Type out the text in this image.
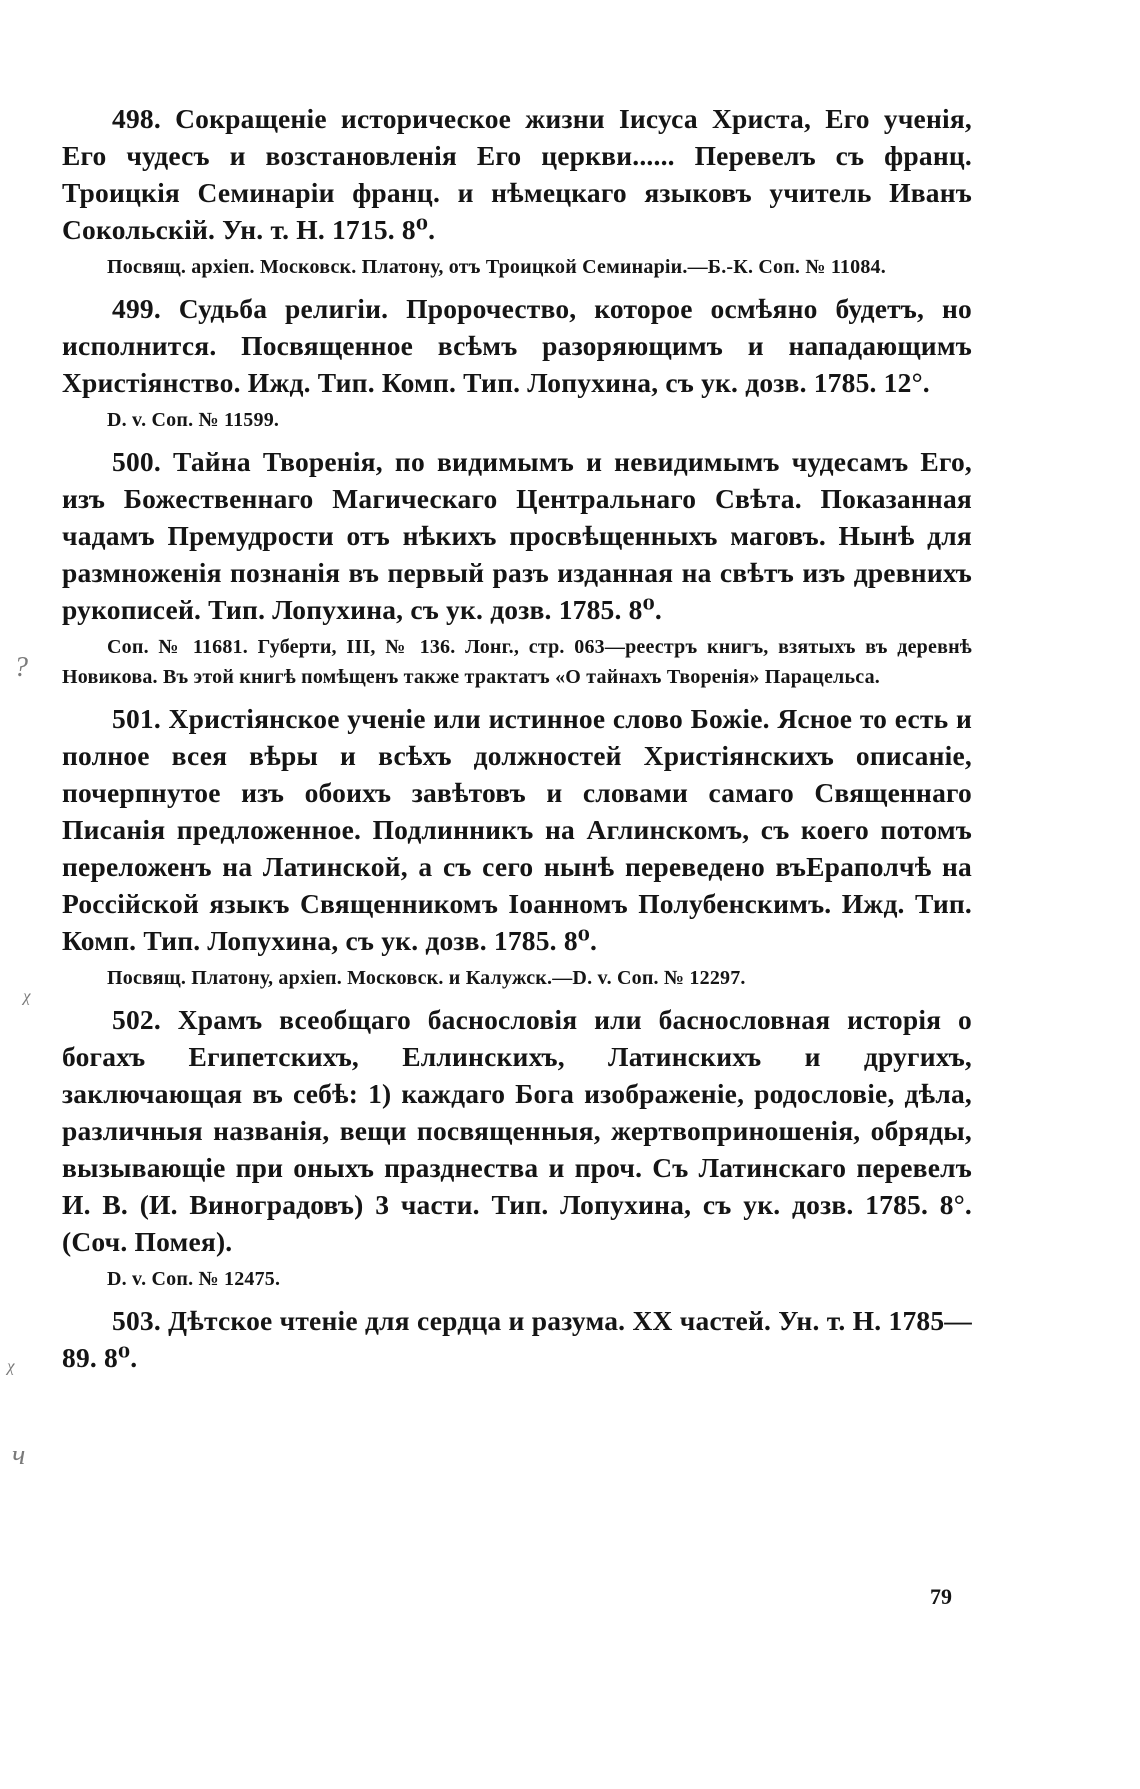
498. Сокращеніе историческое жизни Іисуса Христа, Его ученія, Его чудесъ и возстановленія Его церкви...... Перевелъ съ франц. Троицкія Семинаріи франц. и нѣмецкаго языковъ учитель Иванъ Сокольскій. Ун. т. Н. 1715. 8⁰.

Посвящ. архіеп. Московск. Платону, отъ Троицкой Семинаріи.—Б.-К. Соп. № 11084.

499. Судьба религіи. Пророчество, которое осмѣяно будетъ, но исполнится. Посвященное всѣмъ разоряющимъ и нападающимъ Христіянство. Ижд. Тип. Комп. Тип. Лопухина, съ ук. дозв. 1785. 12°.

D. v. Соп. № 11599.

500. Тайна Творенія, по видимымъ и невидимымъ чудесамъ Его, изъ Божественнаго Магическаго Центральнаго Свѣта. Показанная чадамъ Премудрости отъ нѣкихъ просвѣщенныхъ маговъ. Нынѣ для размноженія познанія въ первый разъ изданная на свѣтъ изъ древнихъ рукописей. Тип. Лопухина, съ ук. дозв. 1785. 8⁰.

Соп. № 11681. Губерти, III, № 136. Лонг., стр. 063—реестръ книгъ, взятыхъ въ деревнѣ Новикова. Въ этой книгѣ помѣщенъ также трактатъ «О тайнахъ Творенія» Парацельса.

501. Христіянское ученіе или истинное слово Божіе. Ясное то есть и полное всея вѣры и всѣхъ должностей Христіянскихъ описаніе, почерпнутое изъ обоихъ завѣтовъ и словами самаго Священнаго Писанія предложенное. Подлинникъ на Аглинскомъ, съ коего потомъ переложенъ на Латинской, а съ сего нынѣ переведено въЕраполчѣ на Россійской языкъ Священникомъ Іоанномъ Полубенскимъ. Ижд. Тип. Комп. Тип. Лопухина, съ ук. дозв. 1785. 8⁰.

Посвящ. Платону, архіеп. Московск. и Калужск.—D. v. Соп. № 12297.

502. Храмъ всеобщаго баснословія или баснословная исторія о богахъ Египетскихъ, Еллинскихъ, Латинскихъ и другихъ, заключающая въ себѣ: 1) каждаго Бога изображеніе, родословіе, дѣла, различныя названія, вещи посвященныя, жертвоприношенія, обряды, вызывающіе при оныхъ празднества и проч. Съ Латинскаго перевелъ И. В. (И. Виноградовъ) 3 части. Тип. Лопухина, съ ук. дозв. 1785. 8°. (Соч. Помея).

D. v. Соп. № 12475.

503. Дѣтское чтеніе для сердца и разума. XX частей. Ун. т. Н. 1785—89. 8⁰.

?
ᵡ
ᵡ
ч
79
